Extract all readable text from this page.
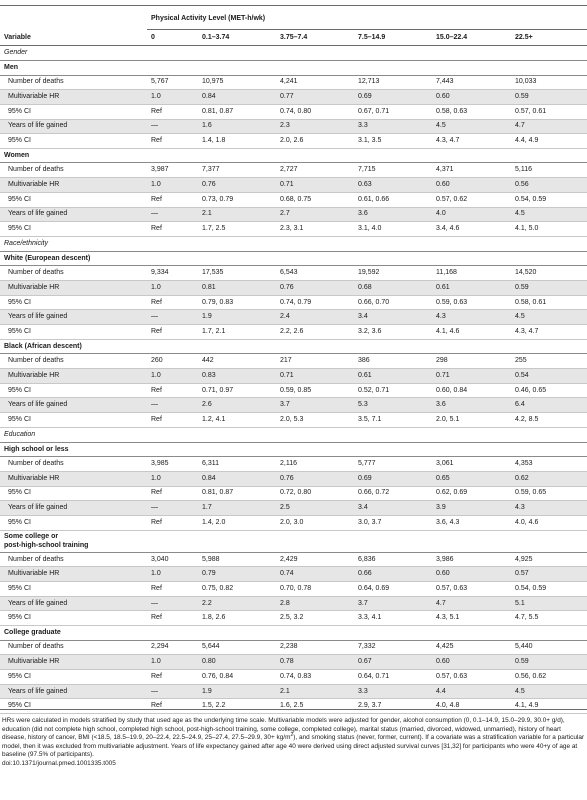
Variable	Physical Activity Level (MET-h/wk)					
	0	0.1–3.74	3.75–7.4	7.5–14.9	15.0–22.4	22.5+
Gender						

Men						

Number of deaths	5,767	10,975	4,241	12,713	7,443	10,033
Multivariable HR	1.0	0.84	0.77	0.69	0.60	0.59
95% CI	Ref	0.81, 0.87	0.74, 0.80	0.67, 0.71	0.58, 0.63	0.57, 0.61
Years of life gained	—	1.6	2.3	3.3	4.5	4.7
95% CI	Ref	1.4, 1.8	2.0, 2.6	3.1, 3.5	4.3, 4.7	4.4, 4.9

Women						

Number of deaths	3,987	7,377	2,727	7,715	4,371	5,116
Multivariable HR	1.0	0.76	0.71	0.63	0.60	0.56
95% CI	Ref	0.73, 0.79	0.68, 0.75	0.61, 0.66	0.57, 0.62	0.54, 0.59
Years of life gained	—	2.1	2.7	3.6	4.0	4.5
95% CI	Ref	1.7, 2.5	2.3, 3.1	3.1, 4.0	3.4, 4.6	4.1, 5.0
Race/ethnicity						

White (European descent)						

Number of deaths	9,334	17,535	6,543	19,592	11,168	14,520
Multivariable HR	1.0	0.81	0.76	0.68	0.61	0.59
95% CI	Ref	0.79, 0.83	0.74, 0.79	0.66, 0.70	0.59, 0.63	0.58, 0.61
Years of life gained	—	1.9	2.4	3.4	4.3	4.5
95% CI	Ref	1.7, 2.1	2.2, 2.6	3.2, 3.6	4.1, 4.6	4.3, 4.7

Black (African descent)						

Number of deaths	260	442	217	386	298	255
Multivariable HR	1.0	0.83	0.71	0.61	0.71	0.54
95% CI	Ref	0.71, 0.97	0.59, 0.85	0.52, 0.71	0.60, 0.84	0.46, 0.65
Years of life gained	—	2.6	3.7	5.3	3.6	6.4
95% CI	Ref	1.2, 4.1	2.0, 5.3	3.5, 7.1	2.0, 5.1	4.2, 8.5
Education						

High school or less						

Number of deaths	3,985	6,311	2,116	5,777	3,061	4,353
Multivariable HR	1.0	0.84	0.76	0.69	0.65	0.62
95% CI	Ref	0.81, 0.87	0.72, 0.80	0.66, 0.72	0.62, 0.69	0.59, 0.65
Years of life gained	—	1.7	2.5	3.4	3.9	4.3
95% CI	Ref	1.4, 2.0	2.0, 3.0	3.0, 3.7	3.6, 4.3	4.0, 4.6

Some college or
post-high-school training						

Number of deaths	3,040	5,988	2,429	6,836	3,986	4,925
Multivariable HR	1.0	0.79	0.74	0.66	0.60	0.57
95% CI	Ref	0.75, 0.82	0.70, 0.78	0.64, 0.69	0.57, 0.63	0.54, 0.59
Years of life gained	—	2.2	2.8	3.7	4.7	5.1
95% CI	Ref	1.8, 2.6	2.5, 3.2	3.3, 4.1	4.3, 5.1	4.7, 5.5

College graduate						

Number of deaths	2,294	5,644	2,238	7,332	4,425	5,440
Multivariable HR	1.0	0.80	0.78	0.67	0.60	0.59
95% CI	Ref	0.76, 0.84	0.74, 0.83	0.64, 0.71	0.57, 0.63	0.56, 0.62
Years of life gained	—	1.9	2.1	3.3	4.4	4.5
95% CI	Ref	1.5, 2.2	1.6, 2.5	2.9, 3.7	4.0, 4.8	4.1, 4.9
HRs were calculated in models stratified by study that used age as the underlying time scale. Multivariable models were adjusted for gender, alcohol consumption (0, 0.1–14.9, 15.0–29.9, 30.0+ g/d), education (did not complete high school, completed high school, post-high-school training, some college, completed college), marital status (married, divorced, widowed, unmarried), history of heart disease, history of cancer, BMI (<18.5, 18.5–19.9, 20–22.4, 22.5–24.9, 25–27.4, 27.5–29.9, $30+ kg/m^2$), and smoking status (never, former, current). If a covariate was a stratification variable for a particular model, then it was excluded from multivariable adjustment. Years of life expectancy gained after age 40 were derived using direct adjusted survival curves [31,32] for participants who were 40+y of age at baseline (97.5% of participants).
doi:10.1371/journal.pmed.1001335.t005
